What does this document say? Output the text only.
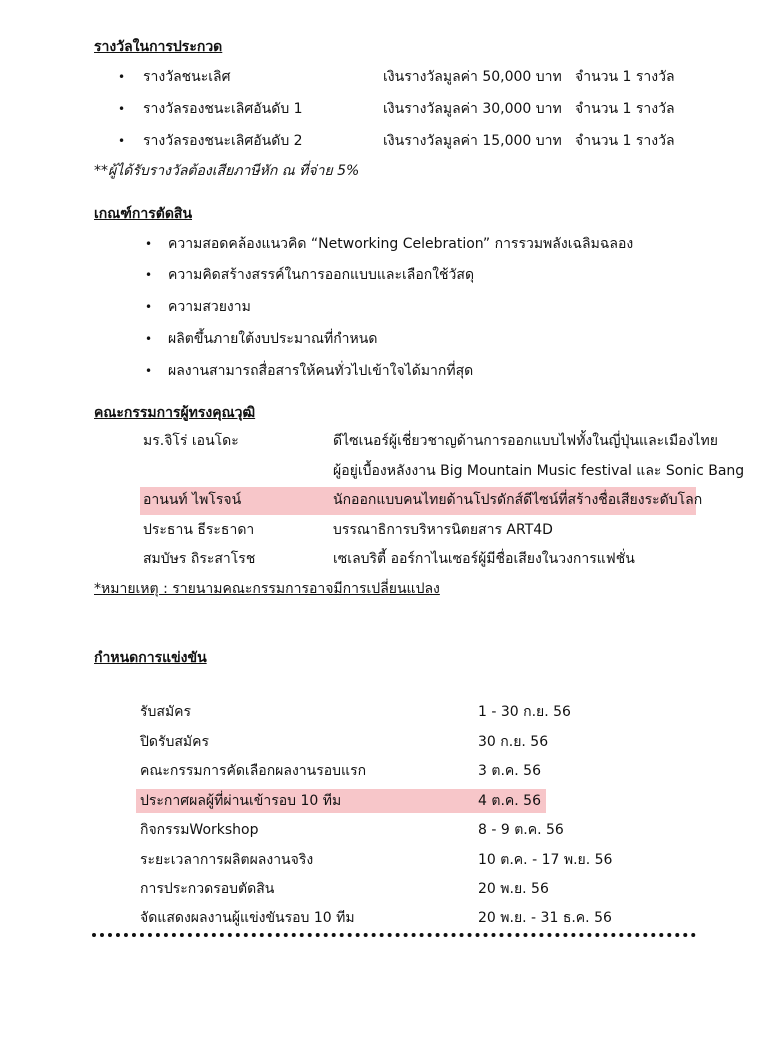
รางวัลในการประกวด
• รางวัลชนะเลิศ	เงินรางวัลมูลค่า 50,000 บาท จำนวน 1 รางวัล
• รางวัลรองชนะเลิศอันดับ 1	เงินรางวัลมูลค่า 30,000 บาท จำนวน 1 รางวัล
• รางวัลรองชนะเลิศอันดับ 2	เงินรางวัลมูลค่า 15,000 บาท จำนวน 1 รางวัล
**ผู้ได้รับรางวัลต้องเสียภาษีหัก ณ ที่จ่าย 5%
เกณฑ์การตัดสิน
• ความสอดคล้องแนวคิด “Networking Celebration” การรวมพลังเฉลิมฉลอง
• ความคิดสร้างสรรค์ในการออกแบบและเลือกใช้วัสดุ
• ความสวยงาม
• ผลิตขึ้นภายใต้งบประมาณที่กำหนด
• ผลงานสามารถสื่อสารให้คนทั่วไปเข้าใจได้มากที่สุด
คณะกรรมการผู้ทรงคุณวุฒิ
มร.จิโร่ เอนโดะ	ดีไซเนอร์ผู้เชี่ยวชาญด้านการออกแบบไฟทั้งในญี่ปุ่นและเมืองไทย
ผู้อยู่เบื้องหลังงาน Big Mountain Music festival และ Sonic Bang
อานนท์ ไพโรจน์	นักออกแบบคนไทยด้านโปรดักส์ดีไซน์ที่สร้างชื่อเสียงระดับโลก
ประธาน ธีระธาดา	บรรณาธิการบริหารนิตยสาร ART4D
สมบัษร ถิระสาโรช	เซเลบริตี้ ออร์กาไนเซอร์ผู้มีชื่อเสียงในวงการแฟชั่น
*หมายเหตุ : รายนามคณะกรรมการอาจมีการเปลี่ยนแปลง
กำหนดการแข่งขัน
รับสมัคร	1 - 30 ก.ย. 56
ปิดรับสมัคร	30 ก.ย. 56
คณะกรรมการคัดเลือกผลงานรอบแรก	3 ต.ค. 56
ประกาศผลผู้ที่ผ่านเข้ารอบ 10 ทีม	4 ต.ค. 56
กิจกรรมWorkshop	8 - 9 ต.ค. 56
ระยะเวลาการผลิตผลงานจริง	10 ต.ค. - 17 พ.ย. 56
การประกวดรอบตัดสิน	20 พ.ย. 56
จัดแสดงผลงานผู้แข่งขันรอบ 10 ทีม	20 พ.ย. - 31 ธ.ค. 56
